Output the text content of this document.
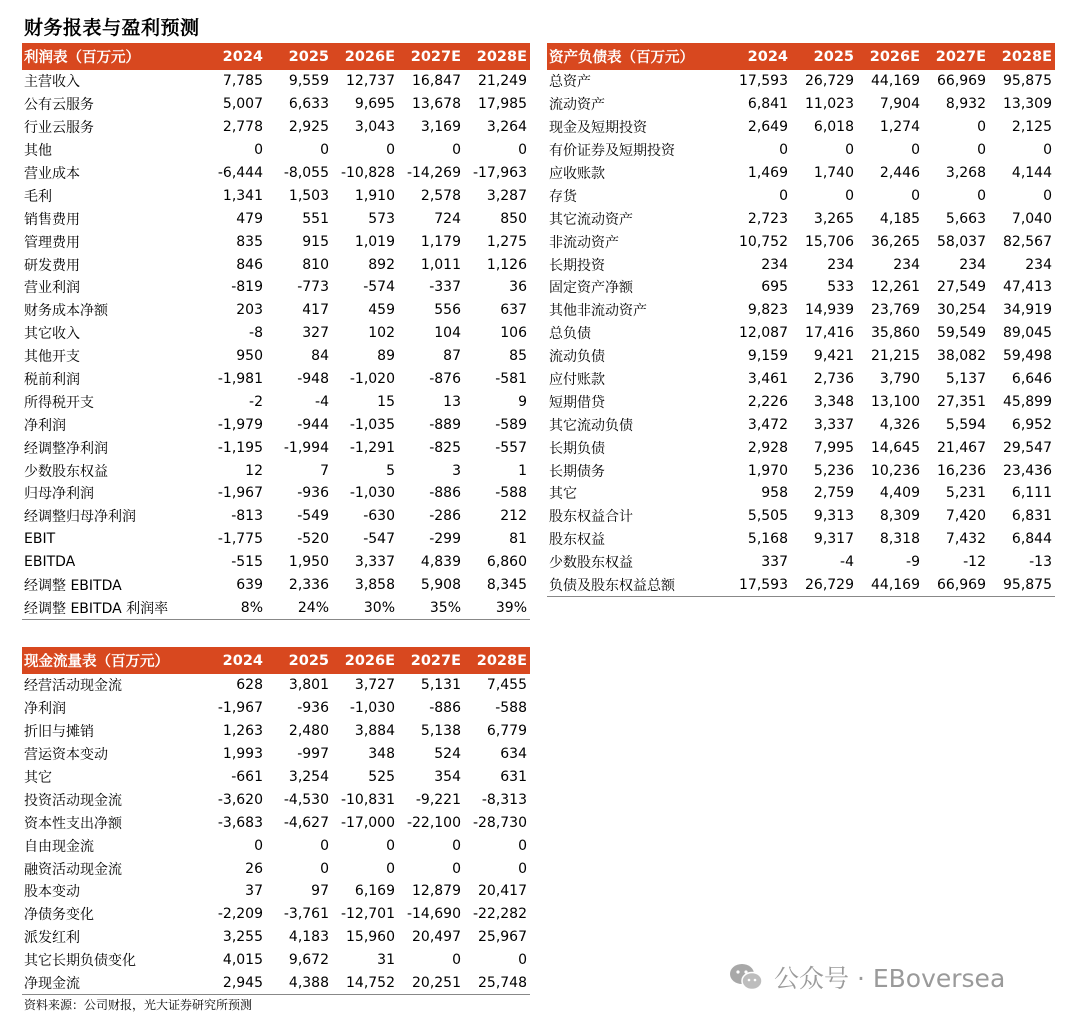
财务报表与盈利预测
利润表（百万元）	2024	2025	2026E	2027E	2028E
主营收入	7,785	9,559	12,737	16,847	21,249
公有云服务	5,007	6,633	9,695	13,678	17,985
行业云服务	2,778	2,925	3,043	3,169	3,264
其他	0	0	0	0	0
营业成本	-6,444	-8,055	-10,828	-14,269	-17,963
毛利	1,341	1,503	1,910	2,578	3,287
销售费用	479	551	573	724	850
管理费用	835	915	1,019	1,179	1,275
研发费用	846	810	892	1,011	1,126
营业利润	-819	-773	-574	-337	36
财务成本净额	203	417	459	556	637
其它收入	-8	327	102	104	106
其他开支	950	84	89	87	85
税前利润	-1,981	-948	-1,020	-876	-581
所得税开支	-2	-4	15	13	9
净利润	-1,979	-944	-1,035	-889	-589
经调整净利润	-1,195	-1,994	-1,291	-825	-557
少数股东权益	12	7	5	3	1
归母净利润	-1,967	-936	-1,030	-886	-588
经调整归母净利润	-813	-549	-630	-286	212
EBIT	-1,775	-520	-547	-299	81
EBITDA	-515	1,950	3,337	4,839	6,860
经调整 EBITDA	639	2,336	3,858	5,908	8,345
经调整 EBITDA 利润率	8%	24%	30%	35%	39%
资产负债表（百万元）	2024	2025	2026E	2027E	2028E
总资产	17,593	26,729	44,169	66,969	95,875
流动资产	6,841	11,023	7,904	8,932	13,309
现金及短期投资	2,649	6,018	1,274	0	2,125
有价证券及短期投资	0	0	0	0	0
应收账款	1,469	1,740	2,446	3,268	4,144
存货	0	0	0	0	0
其它流动资产	2,723	3,265	4,185	5,663	7,040
非流动资产	10,752	15,706	36,265	58,037	82,567
长期投资	234	234	234	234	234
固定资产净额	695	533	12,261	27,549	47,413
其他非流动资产	9,823	14,939	23,769	30,254	34,919
总负债	12,087	17,416	35,860	59,549	89,045
流动负债	9,159	9,421	21,215	38,082	59,498
应付账款	3,461	2,736	3,790	5,137	6,646
短期借贷	2,226	3,348	13,100	27,351	45,899
其它流动负债	3,472	3,337	4,326	5,594	6,952
长期负债	2,928	7,995	14,645	21,467	29,547
长期债务	1,970	5,236	10,236	16,236	23,436
其它	958	2,759	4,409	5,231	6,111
股东权益合计	5,505	9,313	8,309	7,420	6,831
股东权益	5,168	9,317	8,318	7,432	6,844
少数股东权益	337	-4	-9	-12	-13
负债及股东权益总额	17,593	26,729	44,169	66,969	95,875
现金流量表（百万元）	2024	2025	2026E	2027E	2028E
经营活动现金流	628	3,801	3,727	5,131	7,455
净利润	-1,967	-936	-1,030	-886	-588
折旧与摊销	1,263	2,480	3,884	5,138	6,779
营运资本变动	1,993	-997	348	524	634
其它	-661	3,254	525	354	631
投资活动现金流	-3,620	-4,530	-10,831	-9,221	-8,313
资本性支出净额	-3,683	-4,627	-17,000	-22,100	-28,730
自由现金流	0	0	0	0	0
融资活动现金流	26	0	0	0	0
股本变动	37	97	6,169	12,879	20,417
净债务变化	-2,209	-3,761	-12,701	-14,690	-22,282
派发红利	3,255	4,183	15,960	20,497	25,967
其它长期负债变化	4,015	9,672	31	0	0
净现金流	2,945	4,388	14,752	20,251	25,748
资料来源：公司财报，光大证券研究所预测
公众号 · EBoversea
